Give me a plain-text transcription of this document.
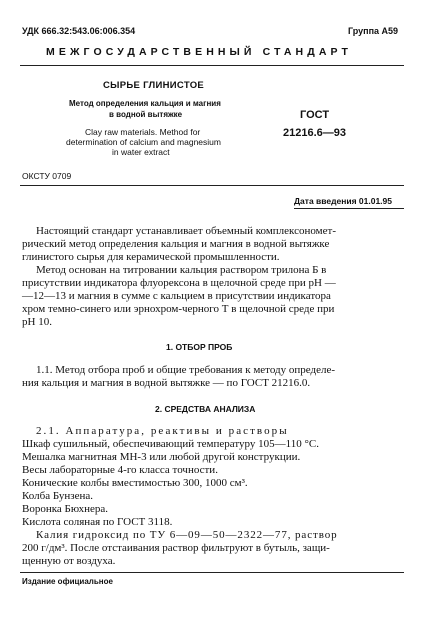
УДК 666.32:543.06:006.354	Группа А59
МЕЖГОСУДАРСТВЕННЫЙ СТАНДАРТ
СЫРЬЕ ГЛИНИСТОЕ
Метод определения кальция и магния
в водной вытяжке
Clay raw materials. Method for
determination of calcium and magnesium
in water extract
ГОСТ
21216.6—93
ОКСТУ 0709
Дата введения 01.01.95
Настоящий стандарт устанавливает объемный комплексономет-
рический метод определения кальция и магния в водной вытяжке
глинистого сырья для керамической промышленности.
Метод основан на титровании кальция раствором трилона Б в
присутствии индикатора флуорексона в щелочной среде при pH —
—12—13 и магния в сумме с кальцием в присутствии индикатора
хром темно-синего или эрнохром-черного Т в щелочной среде при
pH 10.
1. ОТБОР ПРОБ
1.1. Метод отбора проб и общие требования к методу определе-
ния кальция и магния в водной вытяжке — по ГОСТ 21216.0.
2. СРЕДСТВА АНАЛИЗА
2.1. Аппаратура, реактивы и растворы
Шкаф сушильный, обеспечивающий температуру 105—110 °С.
Мешалка магнитная МН-3 или любой другой конструкции.
Весы лабораторные 4-го класса точности.
Конические колбы вместимостью 300, 1000 см³.
Колба Бунзена.
Воронка Бюхнера.
Кислота соляная по ГОСТ 3118.
Калия гидроксид по ТУ 6—09—50—2322—77, раствор
200 г/дм³. После отстаивания раствор фильтруют в бутыль, защи-
щенную от воздуха.
Издание официальное
